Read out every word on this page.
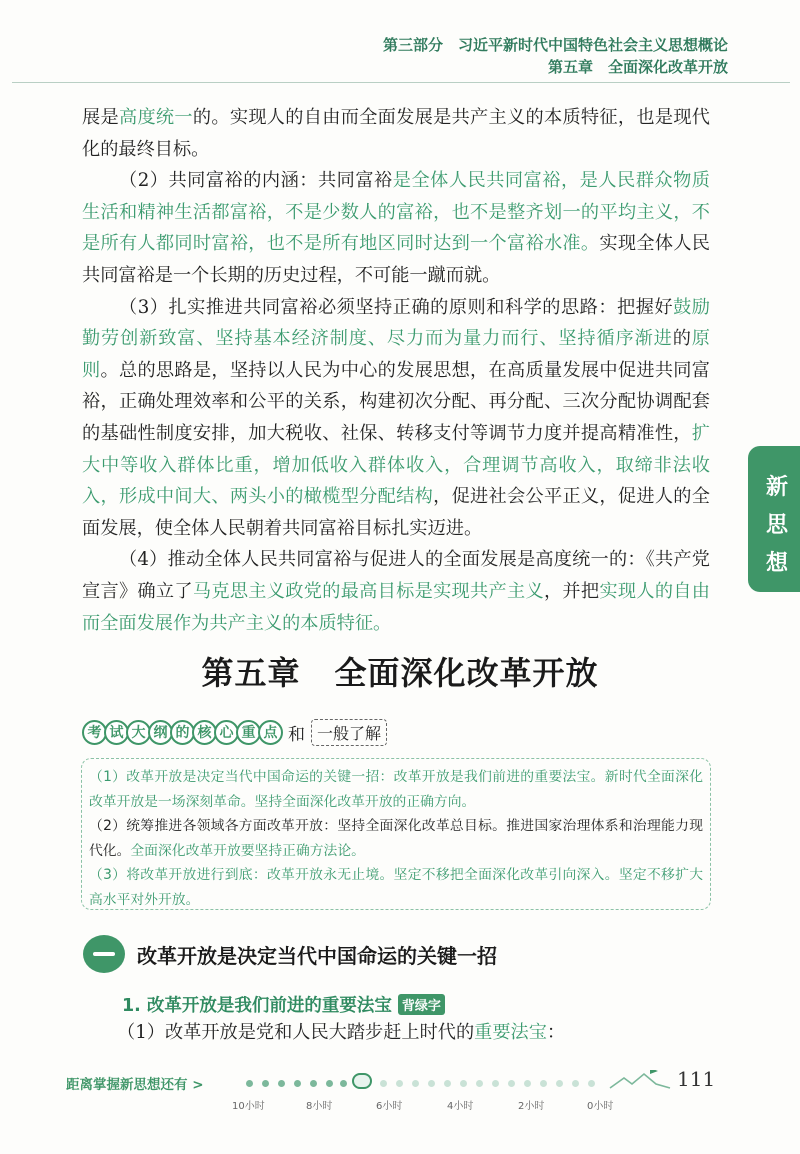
第三部分　习近平新时代中国特色社会主义思想概论
第五章　全面深化改革开放

展是高度统一的。实现人的自由而全面发展是共产主义的本质特征，也是现代化的最终目标。

（2）共同富裕的内涵：共同富裕是全体人民共同富裕，是人民群众物质生活和精神生活都富裕，不是少数人的富裕，也不是整齐划一的平均主义，不是所有人都同时富裕，也不是所有地区同时达到一个富裕水准。实现全体人民共同富裕是一个长期的历史过程，不可能一蹴而就。

（3）扎实推进共同富裕必须坚持正确的原则和科学的思路：把握好鼓励勤劳创新致富、坚持基本经济制度、尽力而为量力而行、坚持循序渐进的原则。总的思路是，坚持以人民为中心的发展思想，在高质量发展中促进共同富裕，正确处理效率和公平的关系，构建初次分配、再分配、三次分配协调配套的基础性制度安排，加大税收、社保、转移支付等调节力度并提高精准性，扩大中等收入群体比重，增加低收入群体收入，合理调节高收入，取缔非法收入，形成中间大、两头小的橄榄型分配结构，促进社会公平正义，促进人的全面发展，使全体人民朝着共同富裕目标扎实迈进。

（4）推动全体人民共同富裕与促进人的全面发展是高度统一的：《共产党宣言》确立了马克思主义政党的最高目标是实现共产主义，并把实现人的自由而全面发展作为共产主义的本质特征。

新
思
想
第五章 全面深化改革开放
考 试 大 纲 的 核 心 重 点 和 一般了解

（1）改革开放是决定当代中国命运的关键一招：改革开放是我们前进的重要法宝。新时代全面深化改革开放是一场深刻革命。坚持全面深化改革开放的正确方向。

（2）统筹推进各领域各方面改革开放：坚持全面深化改革总目标。推进国家治理体系和治理能力现代化。全面深化改革开放要坚持正确方法论。

（3）将改革开放进行到底：改革开放永无止境。坚定不移把全面深化改革引向深入。坚定不移扩大高水平对外开放。

改革开放是决定当代中国命运的关键一招
1. 改革开放是我们前进的重要法宝 背绿字
（1）改革开放是党和人民大踏步赶上时代的重要法宝：
距离掌握新思想还有 >
10小时	8小时	6小时	4小时	2小时	0小时
111
